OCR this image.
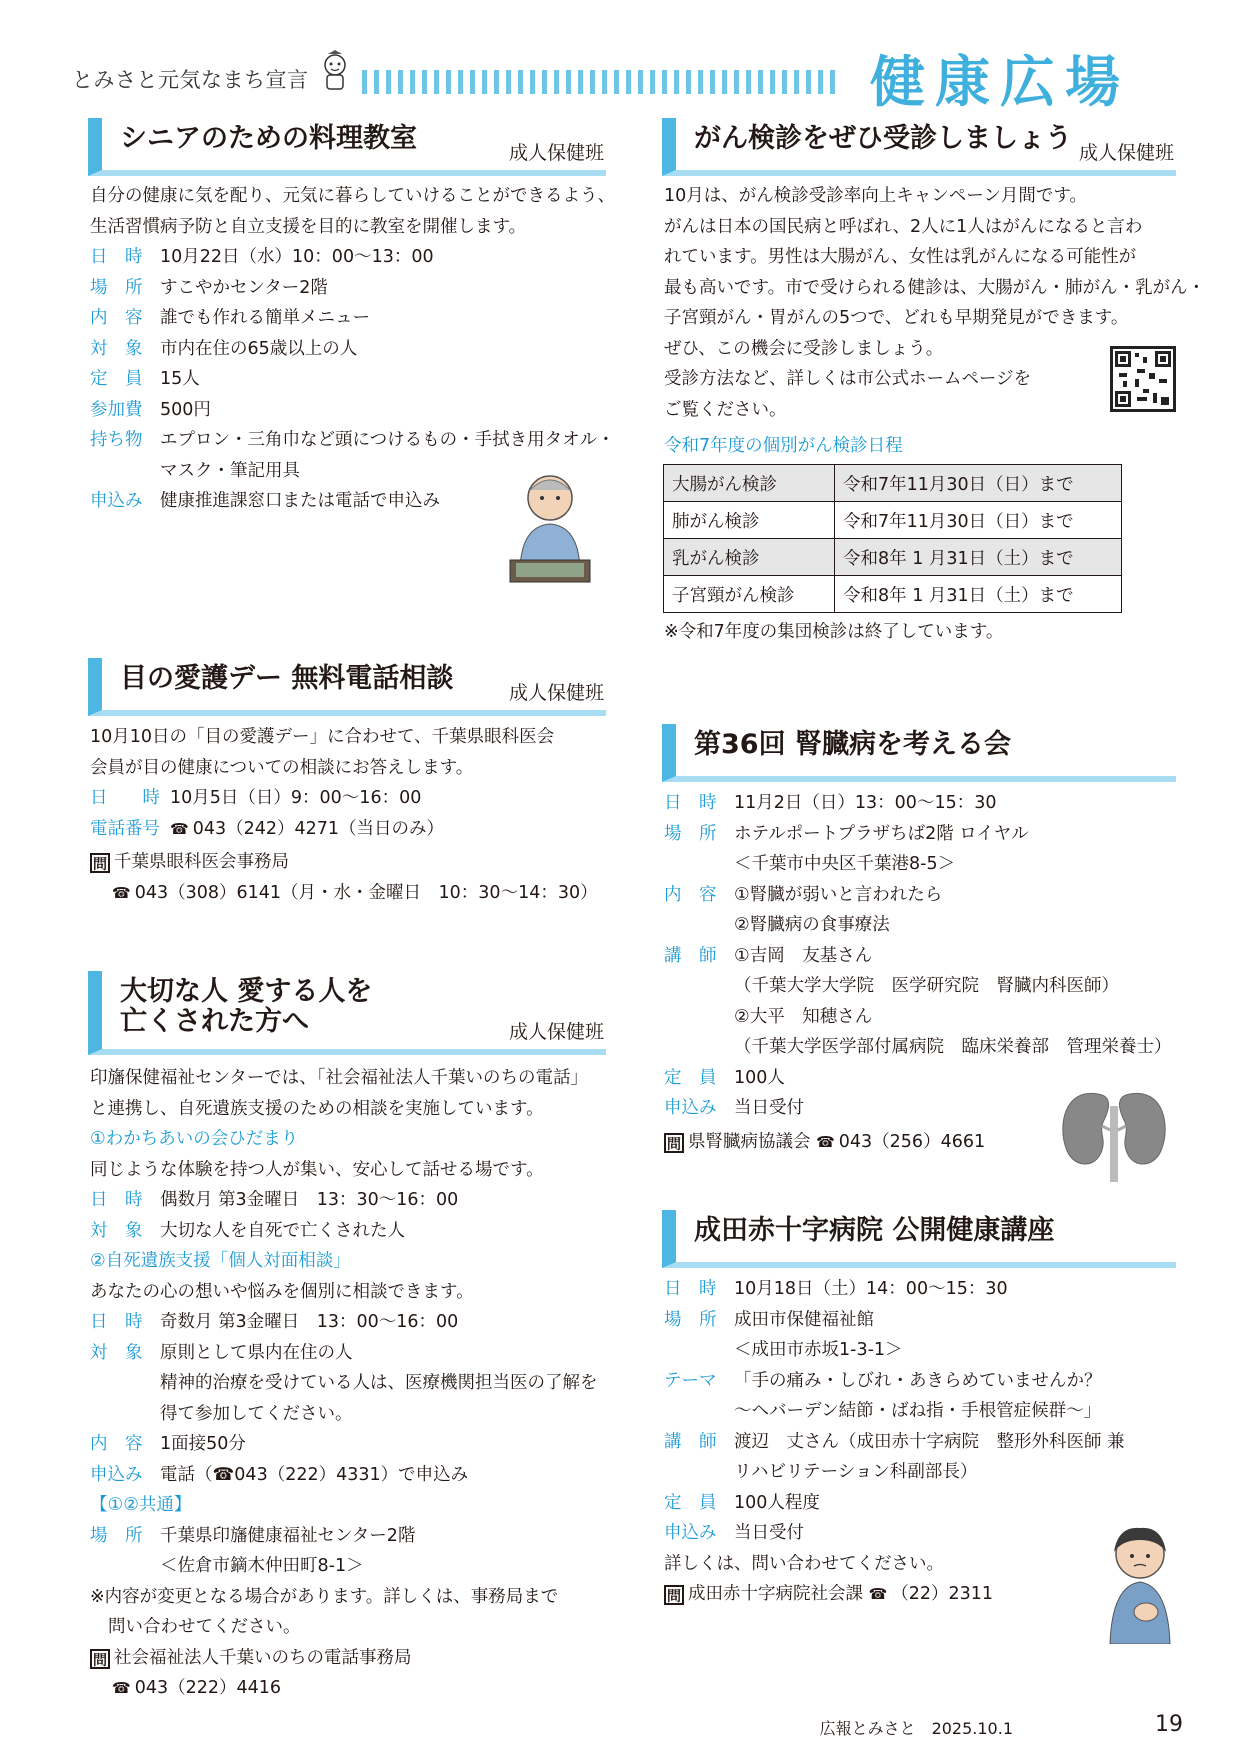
とみさと元気なまち宣言	健康広場
シニアのための料理教室	成人保健班
自分の健康に気を配り、元気に暮らしていけることができるよう、
生活習慣病予防と自立支援を目的に教室を開催します。
日　時 10月22日（水）10：00～13：00
場　所 すこやかセンター2階
内　容 誰でも作れる簡単メニュー
対　象 市内在住の65歳以上の人
定　員 15人
参加費 500円
持ち物 エプロン・三角巾など頭につけるもの・手拭き用タオル・
マスク・筆記用具
申込み 健康推進課窓口または電話で申込み
目の愛護デー 無料電話相談	成人保健班
10月10日の「目の愛護デー」に合わせて、千葉県眼科医会
会員が目の健康についての相談にお答えします。
日　　時 10月5日（日）9：00～16：00
電話番号 ☎ 043（242）4271（当日のみ）
問 千葉県眼科医会事務局
☎ 043（308）6141（月・水・金曜日　10：30～14：30）
大切な人 愛する人を
亡くされた方へ	成人保健班
印旛保健福祉センターでは、「社会福祉法人千葉いのちの電話」
と連携し、自死遺族支援のための相談を実施しています。
①わかちあいの会ひだまり
同じような体験を持つ人が集い、安心して話せる場です。
日　時 偶数月 第3金曜日　13：30～16：00
対　象 大切な人を自死で亡くされた人
②自死遺族支援「個人対面相談」
あなたの心の想いや悩みを個別に相談できます。
日　時 奇数月 第3金曜日　13：00～16：00
対　象 原則として県内在住の人
精神的治療を受けている人は、医療機関担当医の了解を
得て参加してください。
内　容 1面接50分
申込み 電話（☎043（222）4331）で申込み
【①②共通】
場　所 千葉県印旛健康福祉センター2階
＜佐倉市鏑木仲田町8‐1＞
※内容が変更となる場合があります。詳しくは、事務局まで
問い合わせてください。
問 社会福祉法人千葉いのちの電話事務局
☎ 043（222）4416
がん検診をぜひ受診しましょう 成人保健班
10月は、がん検診受診率向上キャンペーン月間です。
がんは日本の国民病と呼ばれ、2人に1人はがんになると言わ
れています。男性は大腸がん、女性は乳がんになる可能性が
最も高いです。市で受けられる健診は、大腸がん・肺がん・乳がん・
子宮頸がん・胃がんの5つで、どれも早期発見ができます。
ぜひ、この機会に受診しましょう。
受診方法など、詳しくは市公式ホームページを
ご覧ください。
令和7年度の個別がん検診日程
大腸がん検診	令和7年11月30日（日）まで
肺がん検診	令和7年11月30日（日）まで
乳がん検診	令和8年 1 月31日（土）まで
子宮頸がん検診	令和8年 1 月31日（土）まで
※令和7年度の集団検診は終了しています。
第36回 腎臓病を考える会
日　時 11月2日（日）13：00～15：30
場　所 ホテルポートプラザちば2階 ロイヤル
＜千葉市中央区千葉港8‐5＞
内　容 ①腎臓が弱いと言われたら
②腎臓病の食事療法
講　師 ①吉岡　友基さん
（千葉大学大学院　医学研究院　腎臓内科医師）
②大平　知穂さん
（千葉大学医学部付属病院　臨床栄養部　管理栄養士）
定　員 100人
申込み 当日受付
問 県腎臓病協議会 ☎ 043（256）4661
成田赤十字病院 公開健康講座
日　時 10月18日（土）14：00～15：30
場　所 成田市保健福祉館
＜成田市赤坂1‐3‐1＞
テーマ 「手の痛み・しびれ・あきらめていませんか？
～ヘバーデン結節・ばね指・手根管症候群～」
講　師 渡辺　丈さん（成田赤十字病院　整形外科医師 兼
リハビリテーション科副部長）
定　員 100人程度
申込み 当日受付
詳しくは、問い合わせてください。
問 成田赤十字病院社会課 ☎ （22）2311
広報とみさと　2025.10.1	19
